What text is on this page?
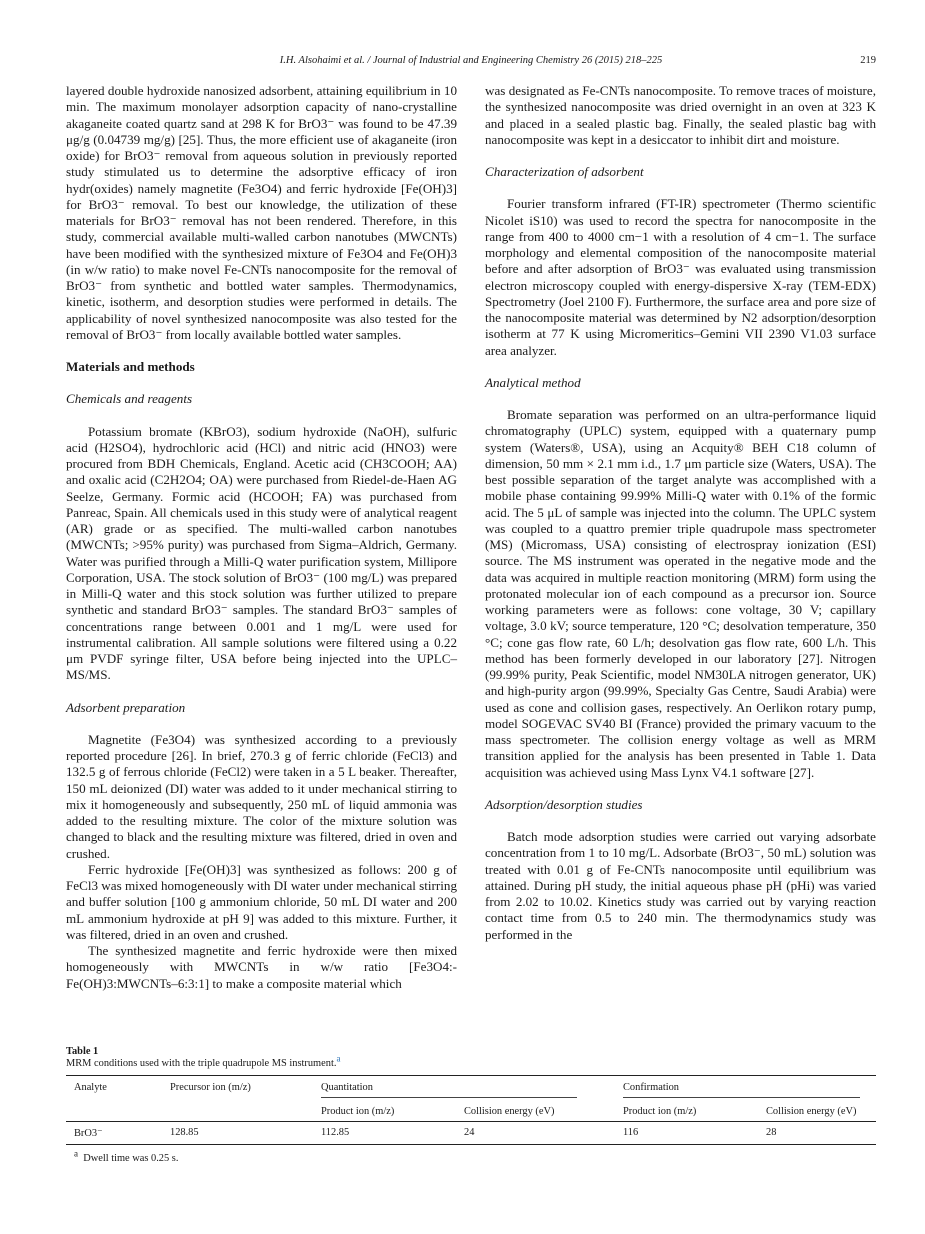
I.H. Alsohaimi et al. / Journal of Industrial and Engineering Chemistry 26 (2015) 218–225	219

layered double hydroxide nanosized adsorbent, attaining equilibrium in 10 min. The maximum monolayer adsorption capacity of nano-crystalline akaganeite coated quartz sand at 298 K for BrO3⁻ was found to be 47.39 μg/g (0.04739 mg/g) [25]. Thus, the more efficient use of akaganeite (iron oxide) for BrO3⁻ removal from aqueous solution in previously reported study stimulated us to determine the adsorptive efficacy of iron hydr(oxides) namely magnetite (Fe3O4) and ferric hydroxide [Fe(OH)3] for BrO3⁻ removal. To best our knowledge, the utilization of these materials for BrO3⁻ removal has not been rendered. Therefore, in this study, commercial available multi-walled carbon nanotubes (MWCNTs) have been modified with the synthesized mixture of Fe3O4 and Fe(OH)3 (in w/w ratio) to make novel Fe-CNTs nanocomposite for the removal of BrO3⁻ from synthetic and bottled water samples. Thermodynamics, kinetic, isotherm, and desorption studies were performed in details. The applicability of novel synthesized nanocomposite was also tested for the removal of BrO3⁻ from locally available bottled water samples.

Materials and methods
Chemicals and reagents

Potassium bromate (KBrO3), sodium hydroxide (NaOH), sulfuric acid (H2SO4), hydrochloric acid (HCl) and nitric acid (HNO3) were procured from BDH Chemicals, England. Acetic acid (CH3COOH; AA) and oxalic acid (C2H2O4; OA) were purchased from Riedel-de-Haen AG Seelze, Germany. Formic acid (HCOOH; FA) was purchased from Panreac, Spain. All chemicals used in this study were of analytical reagent (AR) grade or as specified. The multi-walled carbon nanotubes (MWCNTs; >95% purity) was purchased from Sigma–Aldrich, Germany. Water was purified through a Milli-Q water purification system, Millipore Corporation, USA. The stock solution of BrO3⁻ (100 mg/L) was prepared in Milli-Q water and this stock solution was further utilized to prepare synthetic and standard BrO3⁻ samples. The standard BrO3⁻ samples of concentrations range between 0.001 and 1 mg/L were used for instrumental calibration. All sample solutions were filtered using a 0.22 μm PVDF syringe filter, USA before being injected into the UPLC–MS/MS.

Adsorbent preparation

Magnetite (Fe3O4) was synthesized according to a previously reported procedure [26]. In brief, 270.3 g of ferric chloride (FeCl3) and 132.5 g of ferrous chloride (FeCl2) were taken in a 5 L beaker. Thereafter, 150 mL deionized (DI) water was added to it under mechanical stirring to mix it homogeneously and subsequently, 250 mL of liquid ammonia was added to the resulting mixture. The color of the mixture solution was changed to black and the resulting mixture was filtered, dried in oven and crushed.

Ferric hydroxide [Fe(OH)3] was synthesized as follows: 200 g of FeCl3 was mixed homogeneously with DI water under mechanical stirring and buffer solution [100 g ammonium chloride, 50 mL DI water and 200 mL ammonium hydroxide at pH 9] was added to this mixture. Further, it was filtered, dried in an oven and crushed.

The synthesized magnetite and ferric hydroxide were then mixed homogeneously with MWCNTs in w/w ratio [Fe3O4:-Fe(OH)3:MWCNTs–6:3:1] to make a composite material which

was designated as Fe-CNTs nanocomposite. To remove traces of moisture, the synthesized nanocomposite was dried overnight in an oven at 323 K and placed in a sealed plastic bag. Finally, the sealed plastic bag with nanocomposite was kept in a desiccator to inhibit dirt and moisture.

Characterization of adsorbent

Fourier transform infrared (FT-IR) spectrometer (Thermo scientific Nicolet iS10) was used to record the spectra for nanocomposite in the range from 400 to 4000 cm−1 with a resolution of 4 cm−1. The surface morphology and elemental composition of the nanocomposite material before and after adsorption of BrO3⁻ was evaluated using transmission electron microscopy coupled with energy-dispersive X-ray (TEM-EDX) Spectrometry (Joel 2100 F). Furthermore, the surface area and pore size of the nanocomposite material was determined by N2 adsorption/desorption isotherm at 77 K using Micromeritics–Gemini VII 2390 V1.03 surface area analyzer.

Analytical method

Bromate separation was performed on an ultra-performance liquid chromatography (UPLC) system, equipped with a quaternary pump system (Waters®, USA), using an Acquity® BEH C18 column of dimension, 50 mm × 2.1 mm i.d., 1.7 μm particle size (Waters, USA). The best possible separation of the target analyte was accomplished with a mobile phase containing 99.99% Milli-Q water with 0.1% of the formic acid. The 5 μL of sample was injected into the column. The UPLC system was coupled to a quattro premier triple quadrupole mass spectrometer (MS) (Micromass, USA) consisting of electrospray ionization (ESI) source. The MS instrument was operated in the negative mode and the data was acquired in multiple reaction monitoring (MRM) form using the protonated molecular ion of each compound as a precursor ion. Source working parameters were as follows: cone voltage, 30 V; capillary voltage, 3.0 kV; source temperature, 120 °C; desolvation temperature, 350 °C; cone gas flow rate, 60 L/h; desolvation gas flow rate, 600 L/h. This method has been formerly developed in our laboratory [27]. Nitrogen (99.99% purity, Peak Scientific, model NM30LA nitrogen generator, UK) and high-purity argon (99.99%, Specialty Gas Centre, Saudi Arabia) were used as cone and collision gases, respectively. An Oerlikon rotary pump, model SOGEVAC SV40 BI (France) provided the primary vacuum to the mass spectrometer. The collision energy voltage as well as MRM transition applied for the analysis has been presented in Table 1. Data acquisition was achieved using Mass Lynx V4.1 software [27].

Adsorption/desorption studies

Batch mode adsorption studies were carried out varying adsorbate concentration from 1 to 10 mg/L. Adsorbate (BrO3⁻, 50 mL) solution was treated with 0.01 g of Fe-CNTs nanocomposite until equilibrium was attained. During pH study, the initial aqueous phase pH (pHi) was varied from 2.02 to 10.02. Kinetics study was carried out by varying reaction contact time from 0.5 to 240 min. The thermodynamics study was performed in the

Table 1
MRM conditions used with the triple quadrupole MS instrument.$^a$
Analyte	Precursor ion (m/z)	Quantitation		Confirmation	

		Product ion (m/z)	Collision energy (eV)	Product ion (m/z)	Collision energy (eV)
BrO3⁻	128.85	112.85	24	116	28
$^a$ Dwell time was 0.25 s.
